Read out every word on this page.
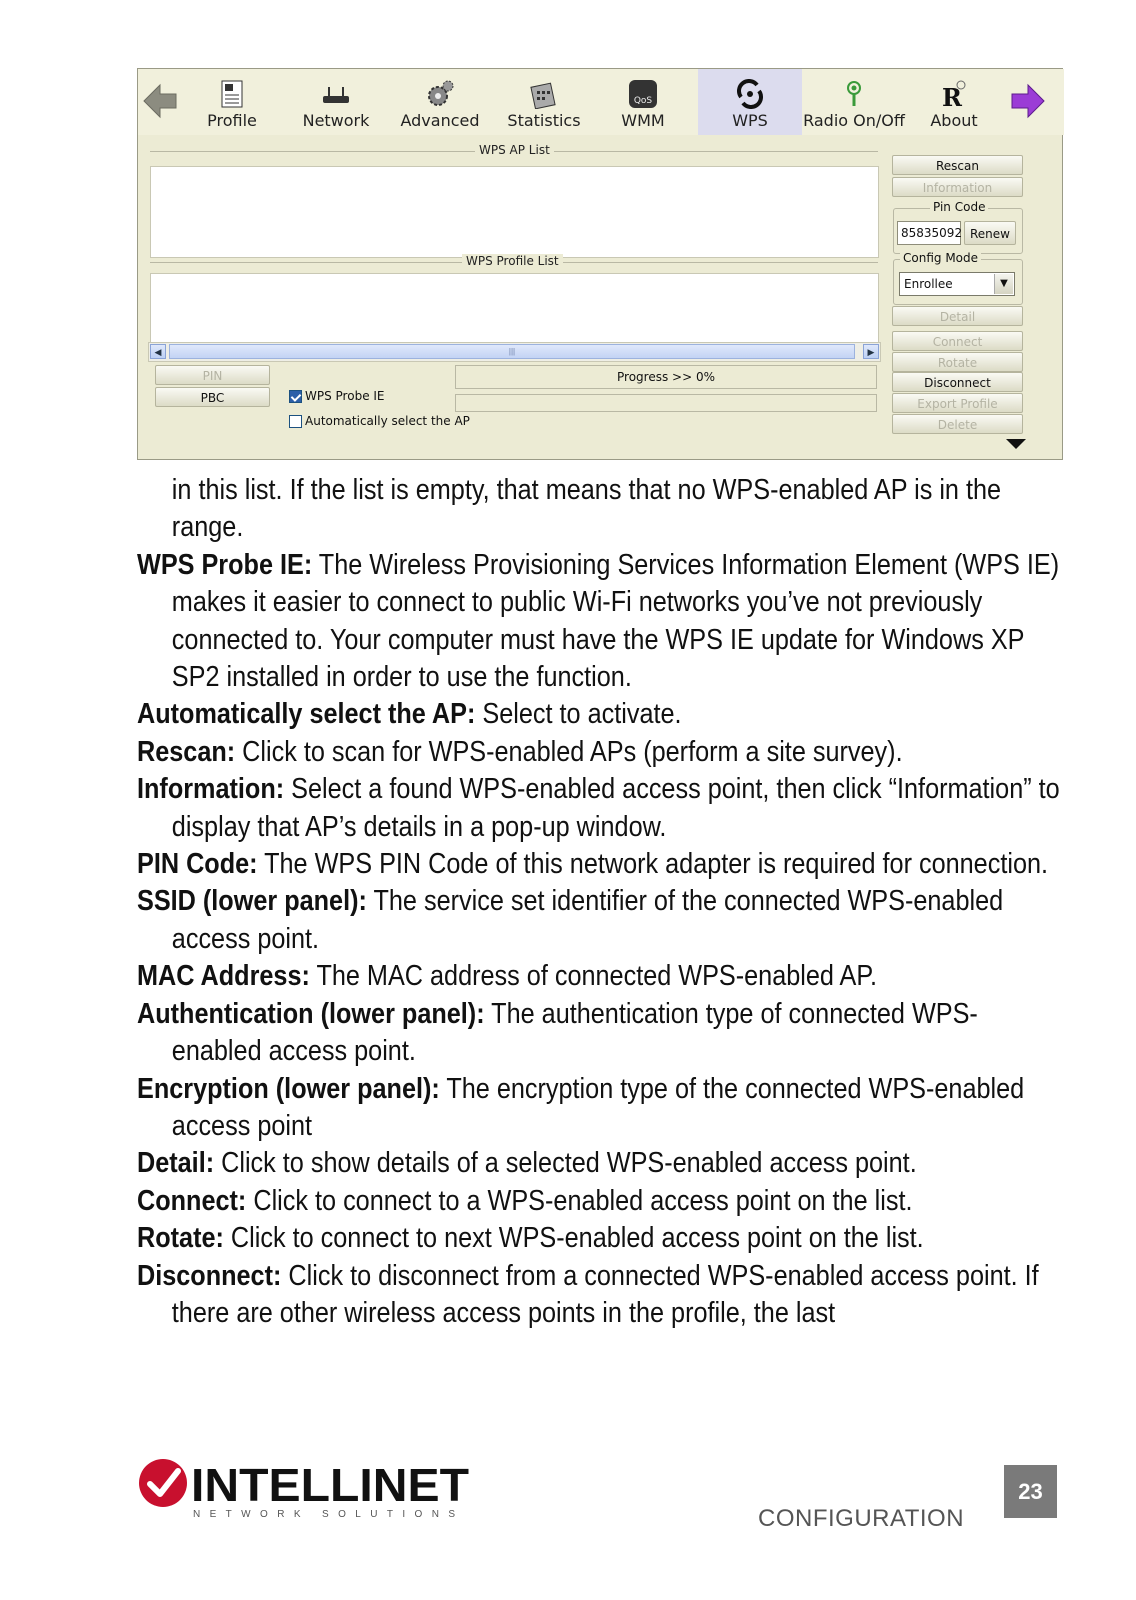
Profile	Network	Advanced	Statistics
QoS
WMM	WPS	Radio On/Off
R
About
WPS AP List
WPS Profile List
◀	|||	▶
Rescan
Information
Pin Code
85835092 Renew
Config Mode
Enrollee	▼
Detail
Connect
Rotate
Disconnect
Export Profile
Delete
PIN
PBC
Progress >> 0%
WPS Probe IE
Automatically select the AP

in this list. If the list is empty, that means that no WPS-enabled AP is in the range.

WPS Probe IE: The Wireless Provisioning Services Information Element (WPS IE) makes it easier to connect to public Wi-Fi networks you’ve not previously connected to. Your computer must have the WPS IE update for Windows XP SP2 installed in order to use the function.

Automatically select the AP: Select to activate.

Rescan: Click to scan for WPS-enabled APs (perform a site survey).

Information: Select a found WPS-enabled access point, then click “Information” to display that AP’s details in a pop-up window.

PIN Code: The WPS PIN Code of this network adapter is required for connection.

SSID (lower panel): The service set identifier of the connected WPS-enabled access point.

MAC Address: The MAC address of connected WPS-enabled AP.

Authentication (lower panel): The authentication type of connected WPS-enabled access point.

Encryption (lower panel): The encryption type of the connected WPS-enabled access point

Detail: Click to show details of a selected WPS-enabled access point.

Connect: Click to connect to a WPS-enabled access point on the list.

Rotate: Click to connect to next WPS-enabled access point on the list.

Disconnect: Click to disconnect from a connected WPS-enabled access point. If there are other wireless access points in the profile, the last

INTELLINET
NETWORK SOLUTIONS	CONFIGURATION
23
